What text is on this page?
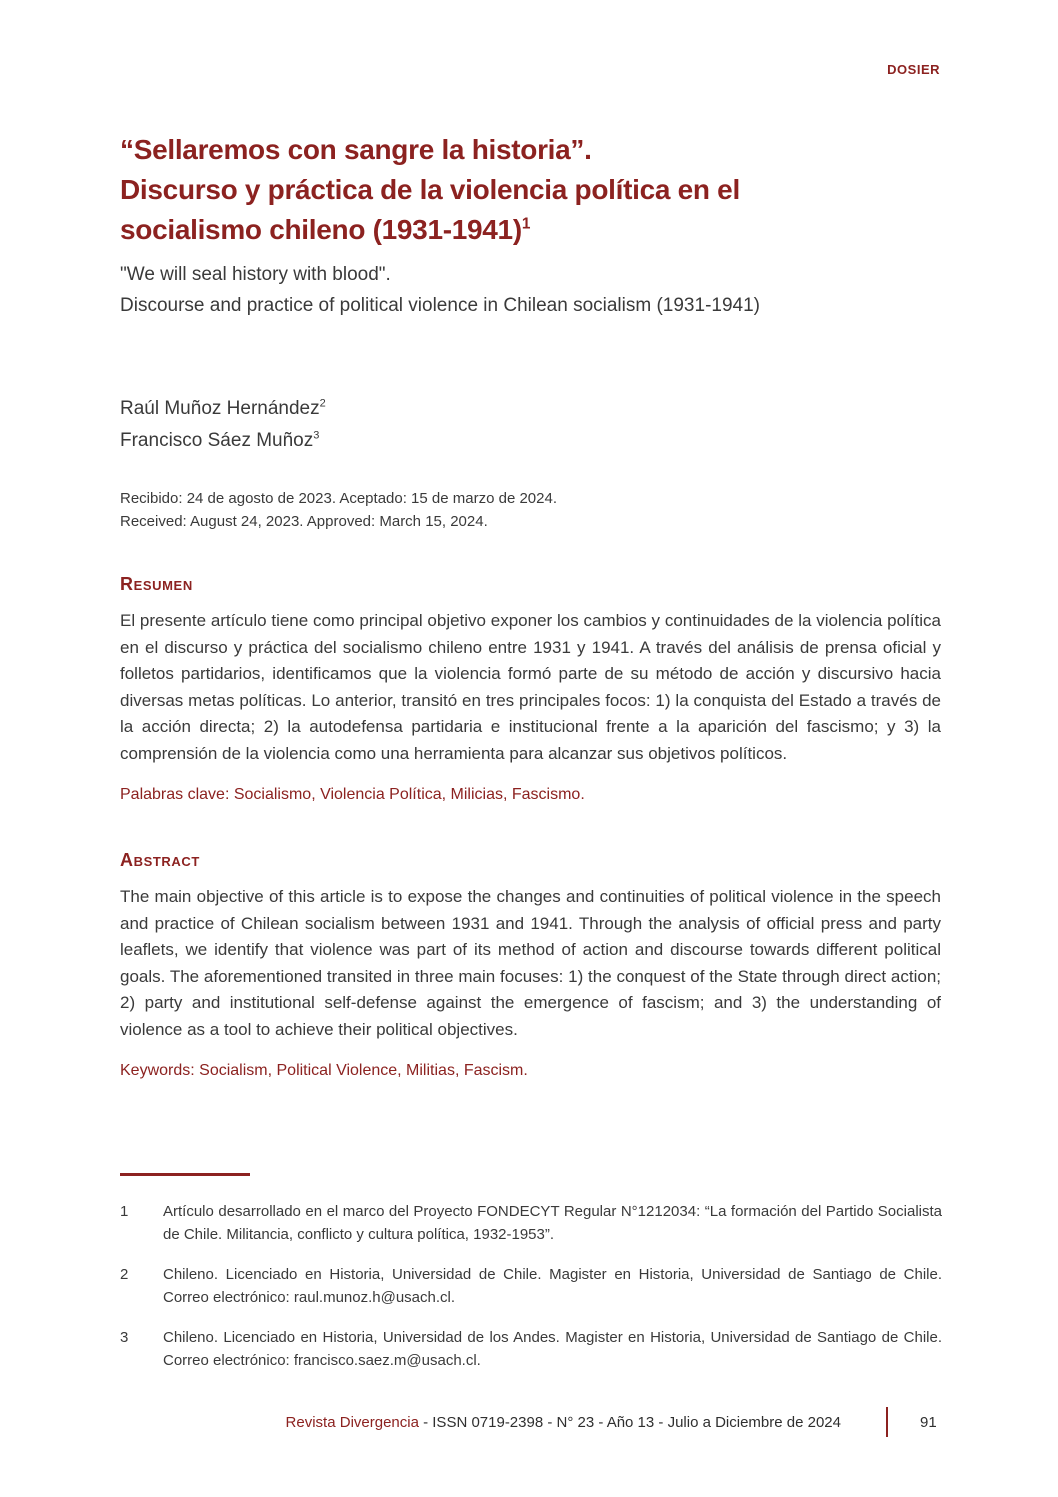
DOSIER
“Sellaremos con sangre la historia”.
Discurso y práctica de la violencia política en el
socialismo chileno (1931-1941)$^1$
"We will seal history with blood".
Discourse and practice of political violence in Chilean socialism (1931-1941)
Raúl Muñoz Hernández$^2$
Francisco Sáez Muñoz$^3$
Recibido: 24 de agosto de 2023. Aceptado: 15 de marzo de 2024.
Received: August 24, 2023. Approved: March 15, 2024.
Resumen

El presente artículo tiene como principal objetivo exponer los cambios y continuidades de la violencia política en el discurso y práctica del socialismo chileno entre 1931 y 1941. A través del análisis de prensa oficial y folletos partidarios, identificamos que la violencia formó parte de su método de acción y discursivo hacia diversas metas políticas. Lo anterior, transitó en tres principales focos: 1) la conquista del Estado a través de la acción directa; 2) la autodefensa partidaria e institucional frente a la aparición del fascismo; y 3) la comprensión de la violencia como una herramienta para alcanzar sus objetivos políticos.

Palabras clave: Socialismo, Violencia Política, Milicias, Fascismo.
Abstract

The main objective of this article is to expose the changes and continuities of political violence in the speech and practice of Chilean socialism between 1931 and 1941. Through the analysis of official press and party leaflets, we identify that violence was part of its method of action and discourse towards different political goals. The aforementioned transited in three main focuses: 1) the conquest of the State through direct action; 2) party and institutional self-defense against the emergence of fascism; and 3) the understanding of violence as a tool to achieve their political objectives.

Keywords: Socialism, Political Violence, Militias, Fascism.
1	Artículo desarrollado en el marco del Proyecto FONDECYT Regular N°1212034: “La formación del Partido Socialista de Chile. Militancia, conflicto y cultura política, 1932-1953”.
2	Chileno. Licenciado en Historia, Universidad de Chile. Magister en Historia, Universidad de Santiago de Chile. Correo electrónico: raul.munoz.h@usach.cl.
3	Chileno. Licenciado en Historia, Universidad de los Andes. Magister en Historia, Universidad de Santiago de Chile. Correo electrónico: francisco.saez.m@usach.cl.
Revista Divergencia - ISSN 0719-2398 - N° 23 - Año 13 - Julio a Diciembre de 2024	91
